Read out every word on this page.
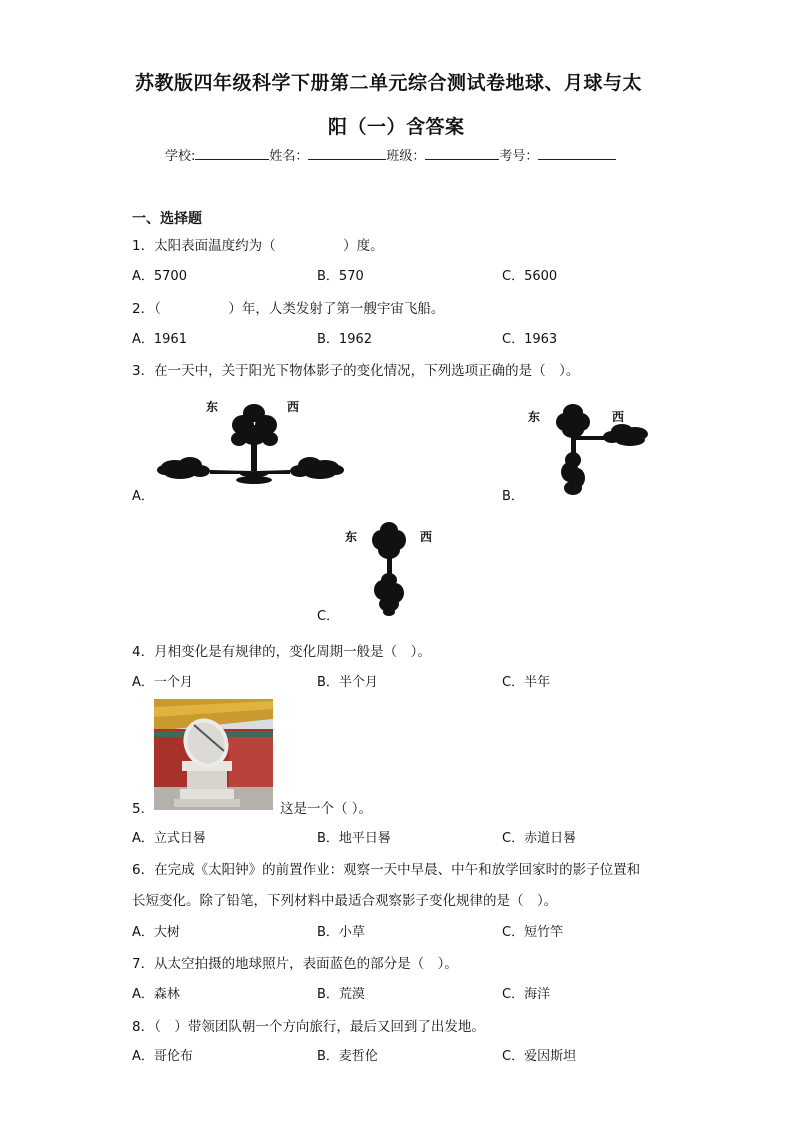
苏教版四年级科学下册第二单元综合测试卷地球、月球与太
阳（一）含答案
学校:	姓名：	班级：	考号：
一、选择题
1．太阳表面温度约为（　　　　　）度。
A．5700	B．570	C．5600
2．（　　　　　）年，人类发射了第一艘宇宙飞船。
A．1961	B．1962	C．1963
3．在一天中，关于阳光下物体影子的变化情况，下列选项正确的是（　）。
东	西
A．
东	西
B．
东	西
C．
4．月相变化是有规律的，变化周期一般是（　）。
A．一个月	B．半个月	C．半年
5．	这是一个（ ）。
A．立式日晷	B．地平日晷	C．赤道日晷
6．在完成《太阳钟》的前置作业：观察一天中早晨、中午和放学回家时的影子位置和
长短变化。除了铅笔，下列材料中最适合观察影子变化规律的是（　）。
A．大树	B．小草	C．短竹竿
7．从太空拍摄的地球照片，表面蓝色的部分是（　）。
A．森林	B．荒漠	C．海洋
8．（　）带领团队朝一个方向旅行，最后又回到了出发地。
A．哥伦布	B．麦哲伦	C．爱因斯坦
